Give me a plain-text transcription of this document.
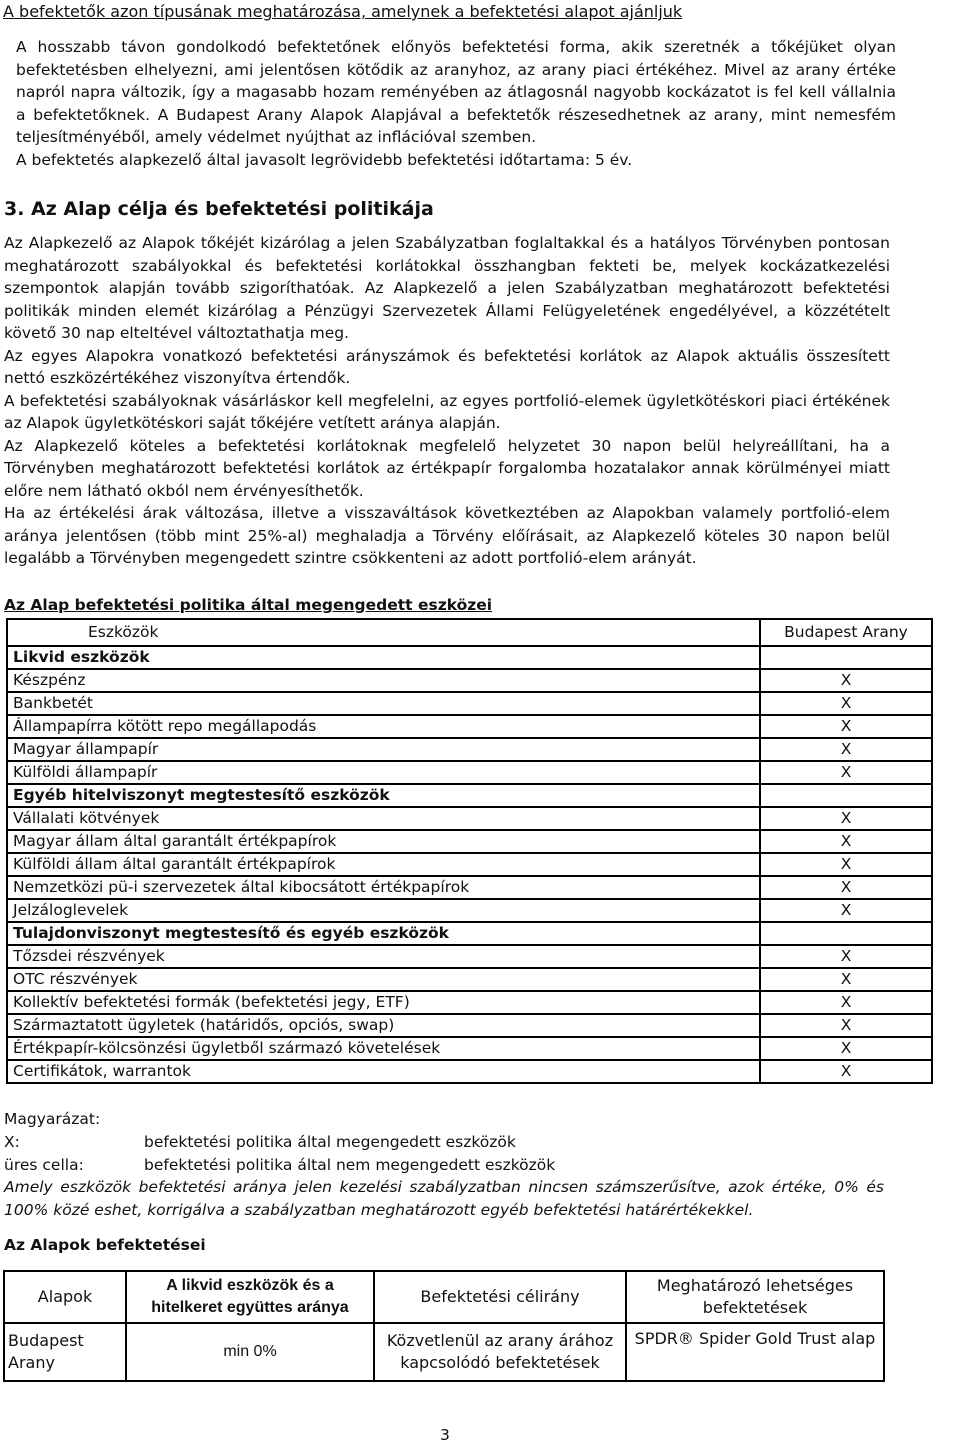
A befektetők azon típusának meghatározása, amelynek a befektetési alapot ajánljuk

A hosszabb távon gondolkodó befektetőnek előnyös befektetési forma, akik szeretnék a tőkéjüket olyan befektetésben elhelyezni, ami jelentősen kötődik az aranyhoz, az arany piaci értékéhez. Mivel az arany értéke napról napra változik, így a magasabb hozam reményében az átlagosnál nagyobb kockázatot is fel kell vállalnia a befektetőknek. A Budapest Arany Alapok Alapjával a befektetők részesedhetnek az arany, mint nemesfém teljesítményéből, amely védelmet nyújthat az inflációval szemben.

A befektetés alapkezelő által javasolt legrövidebb befektetési időtartama: 5 év.

3. Az Alap célja és befektetési politikája

Az Alapkezelő az Alapok tőkéjét kizárólag a jelen Szabályzatban foglaltakkal és a hatályos Törvényben pontosan meghatározott szabályokkal és befektetési korlátokkal összhangban fekteti be, melyek kockázatkezelési szempontok alapján tovább szigoríthatóak. Az Alapkezelő a jelen Szabályzatban meghatározott befektetési politikák minden elemét kizárólag a Pénzügyi Szervezetek Állami Felügyeletének engedélyével, a közzétételt követő 30 nap elteltével változtathatja meg.

Az egyes Alapokra vonatkozó befektetési arányszámok és befektetési korlátok az Alapok aktuális összesített nettó eszközértékéhez viszonyítva értendők.

A befektetési szabályoknak vásárláskor kell megfelelni, az egyes portfolió-elemek ügyletkötéskori piaci értékének az Alapok ügyletkötéskori saját tőkéjére vetített aránya alapján.

Az Alapkezelő köteles a befektetési korlátoknak megfelelő helyzetet 30 napon belül helyreállítani, ha a Törvényben meghatározott befektetési korlátok az értékpapír forgalomba hozatalakor annak körülményei miatt előre nem látható okból nem érvényesíthetők.

Ha az értékelési árak változása, illetve a visszaváltások következtében az Alapokban valamely portfolió-elem aránya jelentősen (több mint 25%-al) meghaladja a Törvény előírásait, az Alapkezelő köteles 30 napon belül legalább a Törvényben megengedett szintre csökkenteni az adott portfolió-elem arányát.

Az Alap befektetési politika által megengedett eszközei
Eszközök	Budapest Arany
Likvid eszközök	
Készpénz	X
Bankbetét	X
Állampapírra kötött repo megállapodás	X
Magyar állampapír	X
Külföldi állampapír	X
Egyéb hitelviszonyt megtestesítő eszközök	
Vállalati kötvények	X
Magyar állam által garantált értékpapírok	X
Külföldi állam által garantált értékpapírok	X
Nemzetközi pü-i szervezetek által kibocsátott értékpapírok	X
Jelzáloglevelek	X
Tulajdonviszonyt megtestesítő és egyéb eszközök	
Tőzsdei részvények	X
OTC részvények	X
Kollektív befektetési formák (befektetési jegy, ETF)	X
Származtatott ügyletek (határidős, opciós, swap)	X
Értékpapír-kölcsönzési ügyletből származó követelések	X
Certifikátok, warrantok	X
Magyarázat:
X:	befektetési politika által megengedett eszközök
üres cella:	befektetési politika által nem megengedett eszközök
Amely eszközök befektetési aránya jelen kezelési szabályzatban nincsen számszerűsítve, azok értéke, 0% és 100% közé eshet, korrigálva a szabályzatban meghatározott egyéb befektetési határértékekkel.
Az Alapok befektetései
Alapok	A likvid eszközök és a hitelkeret együttes aránya	Befektetési célirány	Meghatározó lehetséges befektetések
Budapest Arany	min 0%	Közvetlenül az arany árához kapcsolódó befektetések	SPDR® Spider Gold Trust alap
3
